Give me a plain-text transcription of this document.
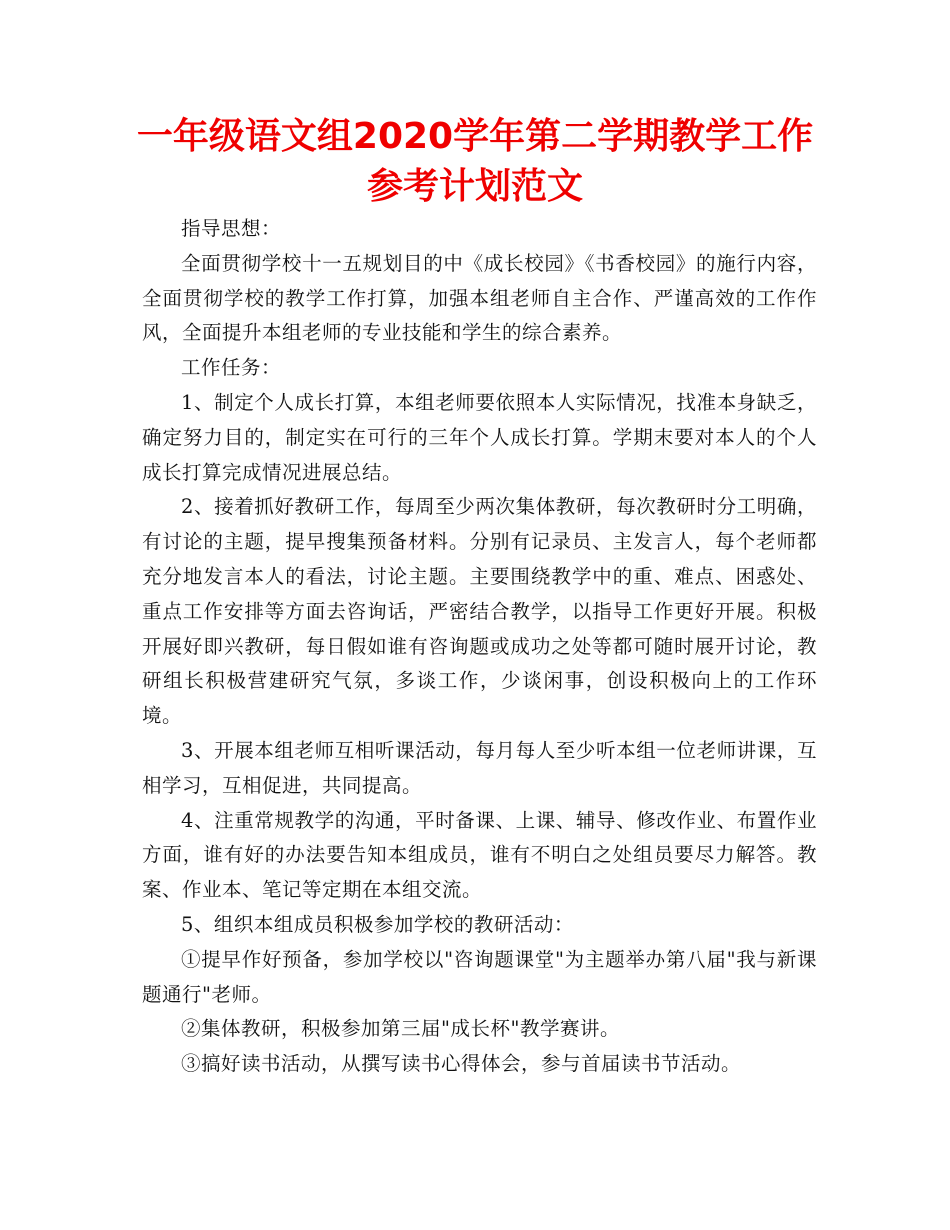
一年级语文组2020学年第二学期教学工作
参考计划范文

指导思想：

全面贯彻学校十一五规划目的中《成长校园》《书香校园》的施行内容，全面贯彻学校的教学工作打算，加强本组老师自主合作、严谨高效的工作作风，全面提升本组老师的专业技能和学生的综合素养。

工作任务：

1、制定个人成长打算，本组老师要依照本人实际情况，找准本身缺乏，确定努力目的，制定实在可行的三年个人成长打算。学期末要对本人的个人成长打算完成情况进展总结。

2、接着抓好教研工作，每周至少两次集体教研，每次教研时分工明确，有讨论的主题，提早搜集预备材料。分别有记录员、主发言人，每个老师都充分地发言本人的看法，讨论主题。主要围绕教学中的重、难点、困惑处、重点工作安排等方面去咨询话，严密结合教学，以指导工作更好开展。积极开展好即兴教研，每日假如谁有咨询题或成功之处等都可随时展开讨论，教研组长积极营建研究气氛，多谈工作，少谈闲事，创设积极向上的工作环境。

3、开展本组老师互相听课活动，每月每人至少听本组一位老师讲课，互相学习，互相促进，共同提高。

4、注重常规教学的沟通，平时备课、上课、辅导、修改作业、布置作业方面，谁有好的办法要告知本组成员，谁有不明白之处组员要尽力解答。教案、作业本、笔记等定期在本组交流。

5、组织本组成员积极参加学校的教研活动：

①提早作好预备，参加学校以"咨询题课堂"为主题举办第八届"我与新课题通行"老师。

②集体教研，积极参加第三届"成长杯"教学赛讲。

③搞好读书活动，从撰写读书心得体会，参与首届读书节活动。
